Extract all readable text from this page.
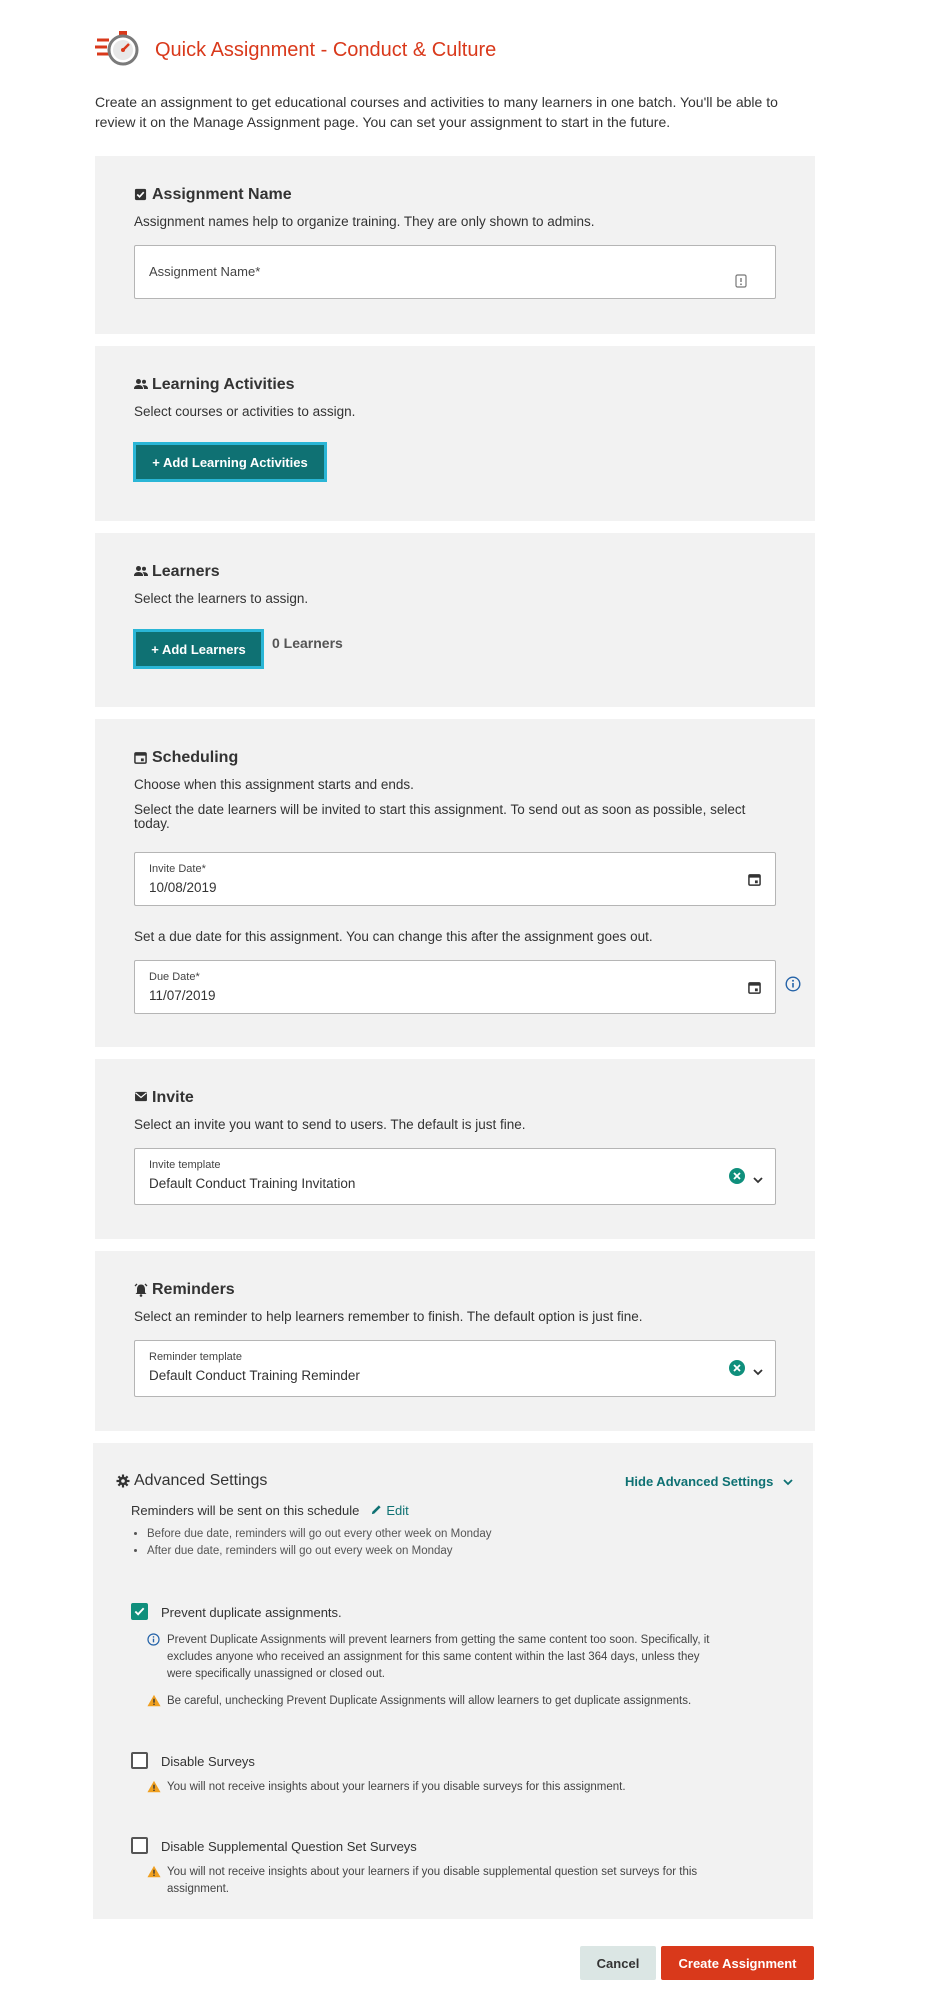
Quick Assignment - Conduct & Culture

Create an assignment to get educational courses and activities to many learners in one batch. You'll be able to review it on the Manage Assignment page. You can set your assignment to start in the future.

Assignment Name
Assignment names help to organize training. They are only shown to admins.
Assignment Name*
Learning Activities
Select courses or activities to assign.
+ Add Learning Activities
Learners
Select the learners to assign.
+ Add Learners	0 Learners
Scheduling
Choose when this assignment starts and ends.
Select the date learners will be invited to start this assignment. To send out as soon as possible, select today.
Invite Date*
10/08/2019
Set a due date for this assignment. You can change this after the assignment goes out.
Due Date*
11/07/2019
Invite
Select an invite you want to send to users. The default is just fine.
Invite template
Default Conduct Training Invitation
Reminders
Select an reminder to help learners remember to finish. The default option is just fine.
Reminder template
Default Conduct Training Reminder
Advanced Settings	Hide Advanced Settings
Reminders will be sent on this schedule Edit
• Before due date, reminders will go out every other week on Monday
• After due date, reminders will go out every week on Monday
Prevent duplicate assignments.
Prevent Duplicate Assignments will prevent learners from getting the same content too soon. Specifically, it excludes anyone who received an assignment for this same content within the last 364 days, unless they were specifically unassigned or closed out.
Be careful, unchecking Prevent Duplicate Assignments will allow learners to get duplicate assignments.
Disable Surveys
You will not receive insights about your learners if you disable surveys for this assignment.
Disable Supplemental Question Set Surveys
You will not receive insights about your learners if you disable supplemental question set surveys for this assignment.
Cancel	Create Assignment
